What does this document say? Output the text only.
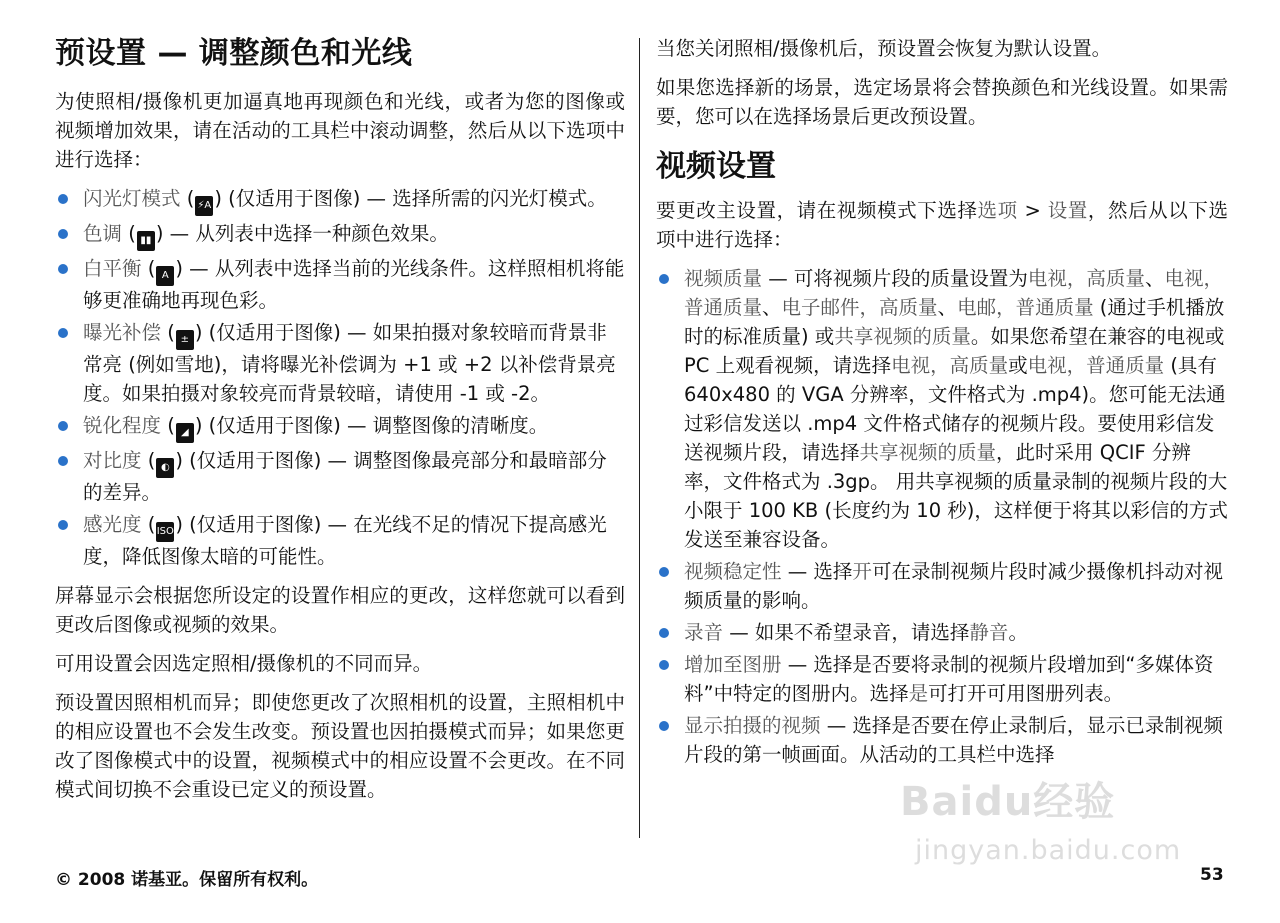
预设置 — 调整颜色和光线

为使照相/摄像机更加逼真地再现颜色和光线，或者为您的图像或视频增加效果，请在活动的工具栏中滚动调整，然后从以下选项中进行选择：

闪光灯模式 ( ⚡A ) (仅适用于图像) — 选择所需的闪光灯模式。
色调 ( ▮▮ ) — 从列表中选择一种颜色效果。
白平衡 ( A ) — 从列表中选择当前的光线条件。这样照相机将能够更准确地再现色彩。
曝光补偿 ( ± ) (仅适用于图像) — 如果拍摄对象较暗而背景非常亮 (例如雪地)，请将曝光补偿调为 +1 或 +2 以补偿背景亮度。如果拍摄对象较亮而背景较暗，请使用 -1 或 -2。
锐化程度 ( ◢ ) (仅适用于图像) — 调整图像的清晰度。
对比度 ( ◐ ) (仅适用于图像) — 调整图像最亮部分和最暗部分的差异。
感光度 (ISO) (仅适用于图像) — 在光线不足的情况下提高感光度，降低图像太暗的可能性。

屏幕显示会根据您所设定的设置作相应的更改，这样您就可以看到更改后图像或视频的效果。

可用设置会因选定照相/摄像机的不同而异。

预设置因照相机而异；即使您更改了次照相机的设置，主照相机中的相应设置也不会发生改变。预设置也因拍摄模式而异；如果您更改了图像模式中的设置，视频模式中的相应设置不会更改。在不同模式间切换不会重设已定义的预设置。

当您关闭照相/摄像机后，预设置会恢复为默认设置。

如果您选择新的场景，选定场景将会替换颜色和光线设置。如果需要，您可以在选择场景后更改预设置。

视频设置

要更改主设置，请在视频模式下选择选项 > 设置，然后从以下选项中进行选择：

视频质量 — 可将视频片段的质量设置为电视，高质量、电视，普通质量、电子邮件，高质量、电邮，普通质量 (通过手机播放时的标准质量) 或共享视频的质量。如果您希望在兼容的电视或 PC 上观看视频，请选择电视，高质量或电视，普通质量 (具有 640x480 的 VGA 分辨率，文件格式为 .mp4)。您可能无法通过彩信发送以 .mp4 文件格式储存的视频片段。要使用彩信发送视频片段，请选择共享视频的质量，此时采用 QCIF 分辨率，文件格式为 .3gp。 用共享视频的质量录制的视频片段的大小限于 100 KB (长度约为 10 秒)，这样便于将其以彩信的方式发送至兼容设备。
视频稳定性 — 选择开可在录制视频片段时减少摄像机抖动对视频质量的影响。
录音 — 如果不希望录音，请选择静音。
增加至图册 — 选择是否要将录制的视频片段增加到“多媒体资料”中特定的图册内。选择是可打开可用图册列表。
显示拍摄的视频 — 选择是否要在停止录制后，显示已录制视频片段的第一帧画面。从活动的工具栏中选择
Baidu经验
jingyan.baidu.com
© 2008 诺基亚。保留所有权利。	53
